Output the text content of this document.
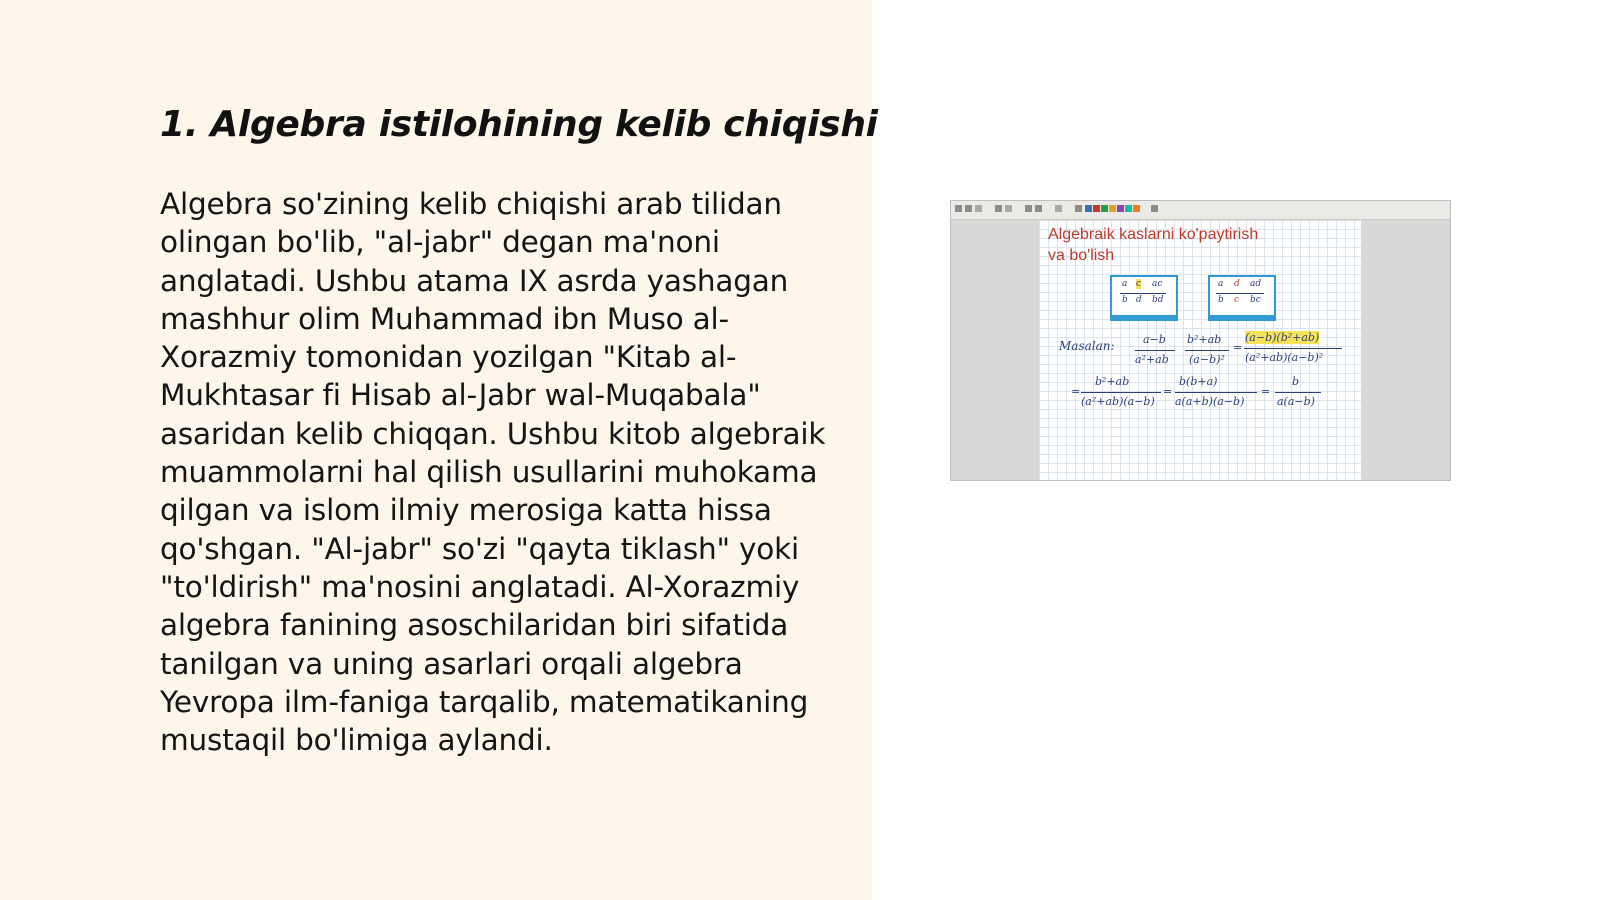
1. Algebra istilohining kelib chiqishi

Algebra so'zining kelib chiqishi arab tilidan olingan bo'lib, "al-jabr" degan ma'noni anglatadi. Ushbu atama IX asrda yashagan mashhur olim Muhammad ibn Muso al-Xorazmiy tomonidan yozilgan "Kitab al-Mukhtasar fi Hisab al-Jabr wal-Muqabala" asaridan kelib chiqqan. Ushbu kitob algebraik muammolarni hal qilish usullarini muhokama qilgan va islom ilmiy merosiga katta hissa qo'shgan. "Al-jabr" so'zi "qayta tiklash" yoki "to'ldirish" ma'nosini anglatadi. Al-Xorazmiy algebra fanining asoschilaridan biri sifatida tanilgan va uning asarlari orqali algebra Yevropa ilm-faniga tarqalib, matematikaning mustaqil bo'limiga aylandi.

Algebraik kaslarni ko'paytirish
va bo'lish
a
b
c
d
ac
bd
a
b
d
c
ad
bc
Masalan:	a−b
a²+ab
b²+ab
(a−b)²
=
(a−b)(b²+ab)
(a²+ab)(a−b)²
=
b²+ab
(a²+ab)(a−b)
=
b(b+a)
a(a+b)(a−b)
=
b
a(a−b)
